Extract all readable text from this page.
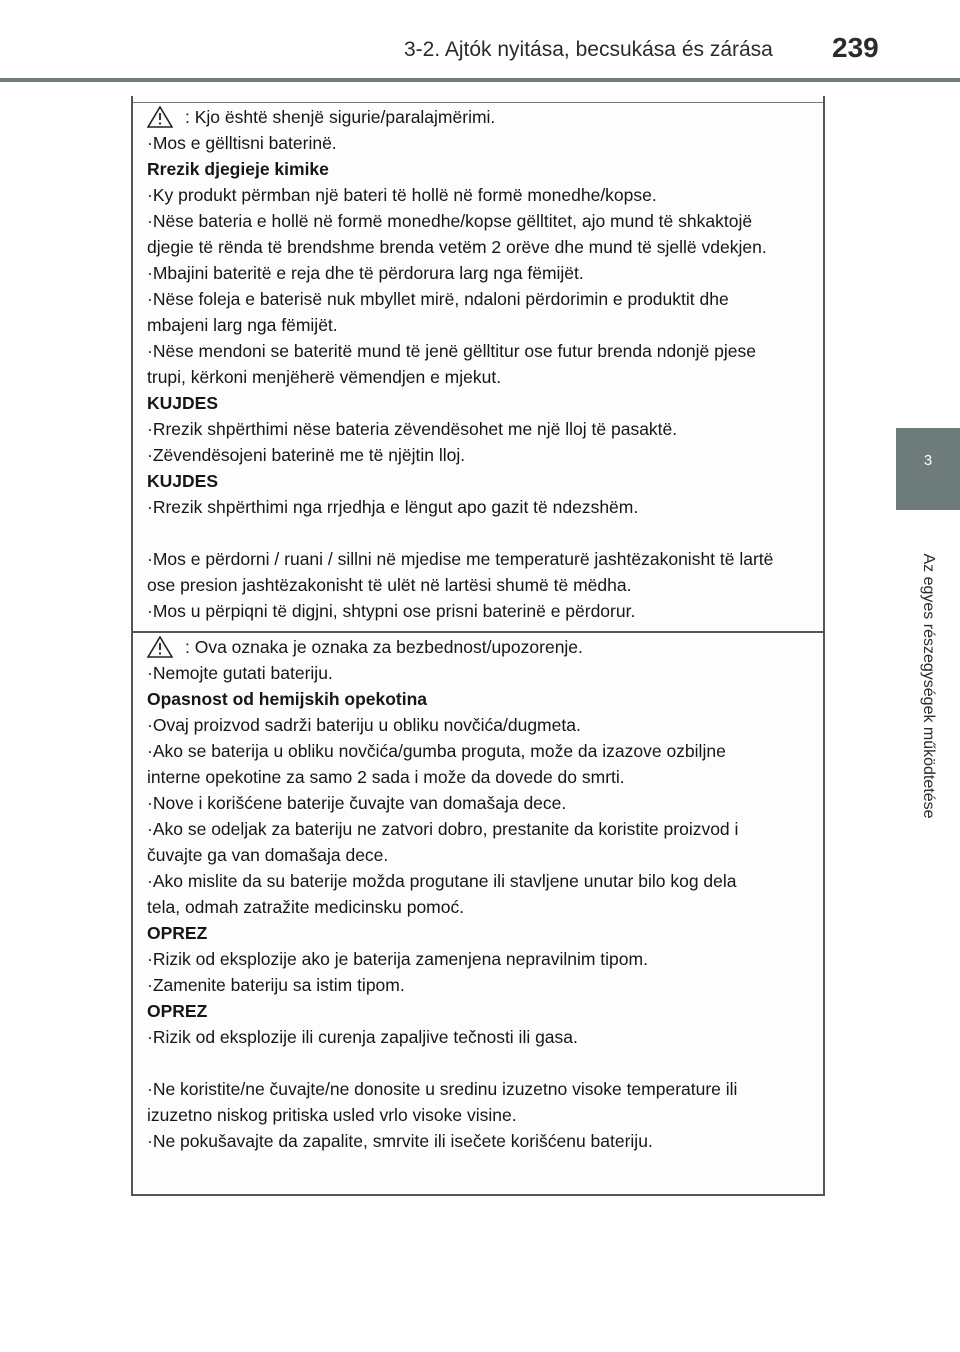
3-2. Ajtók nyitása, becsukása és zárása 239
3
Az egyes részegységek működtetése
: Kjo është shenjë sigurie/paralajmërimi.

·Mos e gëlltisni baterinë.

Rrezik djegieje kimike

·Ky produkt përmban një bateri të hollë në formë monedhe/kopse.

·Nëse bateria e hollë në formë monedhe/kopse gëlltitet, ajo mund të shkaktojë

djegie të rënda të brendshme brenda vetëm 2 orëve dhe mund të sjellë vdekjen.

·Mbajini bateritë e reja dhe të përdorura larg nga fëmijët.

·Nëse foleja e baterisë nuk mbyllet mirë, ndaloni përdorimin e produktit dhe

mbajeni larg nga fëmijët.

·Nëse mendoni se bateritë mund të jenë gëlltitur ose futur brenda ndonjë pjese

trupi, kërkoni menjëherë vëmendjen e mjekut.

KUJDES

·Rrezik shpërthimi nëse bateria zëvendësohet me një lloj të pasaktë.

·Zëvendësojeni baterinë me të njëjtin lloj.

KUJDES

·Rrezik shpërthimi nga rrjedhja e lëngut apo gazit të ndezshëm.

·Mos e përdorni / ruani / sillni në mjedise me temperaturë jashtëzakonisht të lartë

ose presion jashtëzakonisht të ulët në lartësi shumë të mëdha.

·Mos u përpiqni të digjni, shtypni ose prisni baterinë e përdorur.

: Ova oznaka je oznaka za bezbednost/upozorenje.

·Nemojte gutati bateriju.

Opasnost od hemijskih opekotina

·Ovaj proizvod sadrži bateriju u obliku novčića/dugmeta.

·Ako se baterija u obliku novčića/gumba proguta, može da izazove ozbiljne

interne opekotine za samo 2 sada i može da dovede do smrti.

·Nove i korišćene baterije čuvajte van domašaja dece.

·Ako se odeljak za bateriju ne zatvori dobro, prestanite da koristite proizvod i

čuvajte ga van domašaja dece.

·Ako mislite da su baterije možda progutane ili stavljene unutar bilo kog dela

tela, odmah zatražite medicinsku pomoć.

OPREZ

·Rizik od eksplozije ako je baterija zamenjena nepravilnim tipom.

·Zamenite bateriju sa istim tipom.

OPREZ

·Rizik od eksplozije ili curenja zapaljive tečnosti ili gasa.

·Ne koristite/ne čuvajte/ne donosite u sredinu izuzetno visoke temperature ili

izuzetno niskog pritiska usled vrlo visoke visine.

·Ne pokušavajte da zapalite, smrvite ili isečete korišćenu bateriju.
